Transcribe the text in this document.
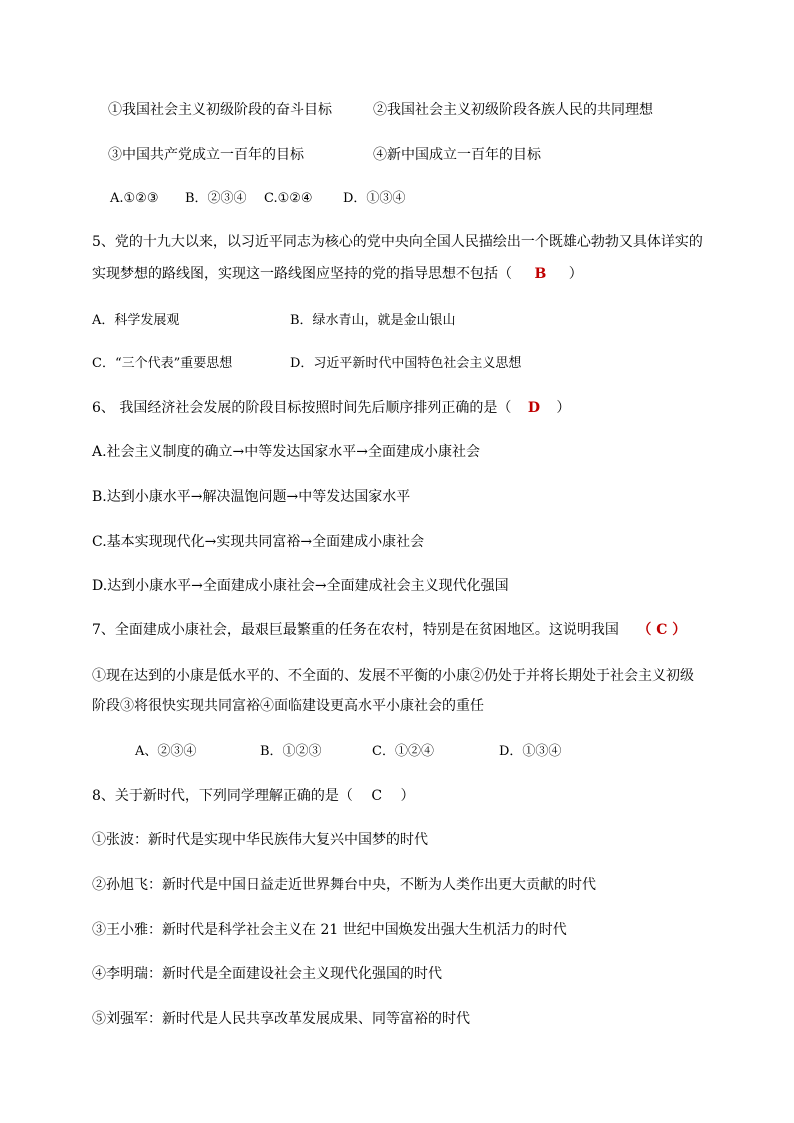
①我国社会主义初级阶段的奋斗目标	②我国社会主义初级阶段各族人民的共同理想
③中国共产党成立一百年的目标	④新中国成立一百年的目标
A.①②③ B．②③④ C.①②④ D．①③④
5、党的十九大以来，以习近平同志为核心的党中央向全国人民描绘出一个既雄心勃勃又具体详实的
实现梦想的路线图，实现这一路线图应坚持的党的指导思想不包括（ B ）
A．科学发展观	B．绿水青山，就是金山银山
C．“三个代表”重要思想	D．习近平新时代中国特色社会主义思想
6、 我国经济社会发展的阶段目标按照时间先后顺序排列正确的是（ D ）
A.社会主义制度的确立→中等发达国家水平→全面建成小康社会
B.达到小康水平→解决温饱问题→中等发达国家水平
C.基本实现现代化→实现共同富裕→全面建成小康社会
D.达到小康水平→全面建成小康社会→全面建成社会主义现代化强国
7、全面建成小康社会，最艰巨最繁重的任务在农村，特别是在贫困地区。这说明我国 （ C ）
①现在达到的小康是低水平的、不全面的、发展不平衡的小康②仍处于并将长期处于社会主义初级
阶段③将很快实现共同富裕④面临建设更高水平小康社会的重任
A、②③④	B．①②③	C．①②④	D．①③④
8、关于新时代，下列同学理解正确的是（ C ）
①张波：新时代是实现中华民族伟大复兴中国梦的时代
②孙旭飞：新时代是中国日益走近世界舞台中央，不断为人类作出更大贡献的时代
③王小雅：新时代是科学社会主义在 21 世纪中国焕发出强大生机活力的时代
④李明瑞：新时代是全面建设社会主义现代化强国的时代
⑤刘强军：新时代是人民共享改革发展成果、同等富裕的时代
